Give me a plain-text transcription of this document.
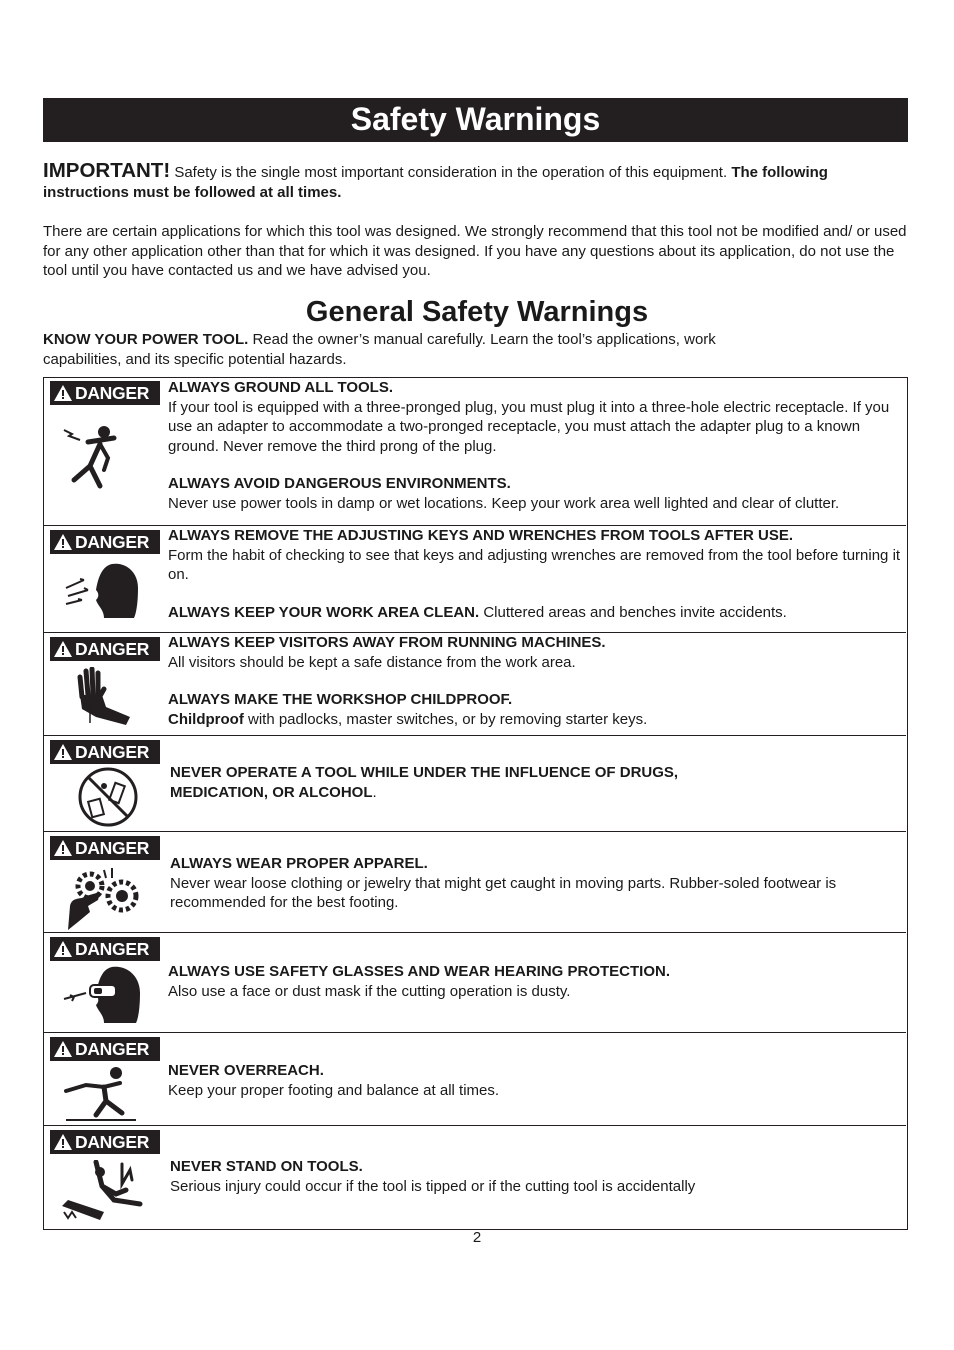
Safety Warnings

IMPORTANT! Safety is the single most important consideration in the operation of this equipment. The following instructions must be followed at all times.

There are certain applications for which this tool was designed. We strongly recommend that this tool not be modified and/ or used for any other application other than that for which it was designed. If you have any questions about its application, do not use the tool until you have contacted us and we have advised you.

General Safety Warnings

KNOW YOUR POWER TOOL. Read the owner’s manual carefully. Learn the tool’s applications, work capabilities, and its specific potential hazards.

DANGER	ALWAYS GROUND ALL TOOLS.

If your tool is equipped with a three-pronged plug, you must plug it into a three-hole electric receptacle. If you use an adapter to accommodate a two-pronged receptacle, you must attach the adapter plug to a known ground. Never remove the third prong of the plug.

ALWAYS AVOID DANGEROUS ENVIRONMENTS.

Never use power tools in damp or wet locations. Keep your work area well lighted and clear of clutter.

DANGER	ALWAYS REMOVE THE ADJUSTING KEYS AND WRENCHES FROM TOOLS AFTER USE.

Form the habit of checking to see that keys and adjusting wrenches are removed from the tool before turning it on.

ALWAYS KEEP YOUR WORK AREA CLEAN. Cluttered areas and benches invite accidents.

DANGER	ALWAYS KEEP VISITORS AWAY FROM RUNNING MACHINES.

All visitors should be kept a safe distance from the work area.

ALWAYS MAKE THE WORKSHOP CHILDPROOF.

Childproof with padlocks, master switches, or by removing starter keys.

DANGER

NEVER OPERATE A TOOL WHILE UNDER THE INFLUENCE OF DRUGS, MEDICATION, OR ALCOHOL.

DANGER

ALWAYS WEAR PROPER APPAREL.

Never wear loose clothing or jewelry that might get caught in moving parts. Rubber-soled footwear is recommended for the best footing.

DANGER

ALWAYS USE SAFETY GLASSES AND WEAR HEARING PROTECTION.

Also use a face or dust mask if the cutting operation is dusty.

DANGER

NEVER OVERREACH.

Keep your proper footing and balance at all times.

DANGER

NEVER STAND ON TOOLS.

Serious injury could occur if the tool is tipped or if the cutting tool is accidentally

2
